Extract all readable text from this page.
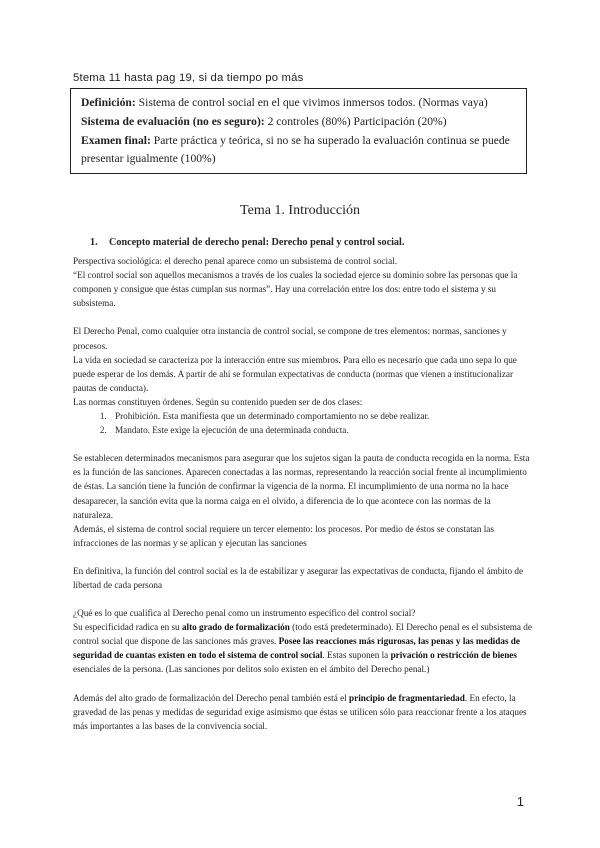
5tema 11 hasta pag 19, si da tiempo po más
Definición: Sistema de control social en el que vivimos inmersos todos. (Normas vaya)
Sistema de evaluación (no es seguro): 2 controles (80%) Participación (20%)
Examen final: Parte práctica y teórica, si no se ha superado la evaluación continua se puede presentar igualmente (100%)
Tema 1. Introducción

1. Concepto material de derecho penal: Derecho penal y control social.

Perspectiva sociológica: el derecho penal aparece como un subsistema de control social.

“El control social son aquellos mecanismos a través de los cuales la sociedad ejerce su dominio sobre las personas que la componen y consigue que éstas cumplan sus normas”. Hay una correlación entre los dos: entre todo el sistema y su subsistema.

El Derecho Penal, como cualquier otra instancia de control social, se compone de tres elementos: normas, sanciones y procesos.

La vida en sociedad se caracteriza por la interacción entre sus miembros. Para ello es necesario que cada uno sepa lo que puede esperar de los demás. A partir de ahí se formulan expectativas de conducta (normas que vienen a institucionalizar pautas de conducta).

Las normas constituyen órdenes. Según su contenido pueden ser de dos clases:

1. Prohibición. Esta manifiesta que un determinado comportamiento no se debe realizar.
2. Mandato. Este exige la ejecución de una determinada conducta.

Se establecen determinados mecanismos para asegurar que los sujetos sigan la pauta de conducta recogida en la norma. Esta es la función de las sanciones. Aparecen conectadas a las normas, representando la reacción social frente al incumplimiento de éstas. La sanción tiene la función de confirmar la vigencia de la norma. El incumplimiento de una norma no la hace desaparecer, la sanción evita que la norma caiga en el olvido, a diferencia de lo que acontece con las normas de la naturaleza.

Además, el sistema de control social requiere un tercer elemento: los procesos. Por medio de éstos se constatan las infracciones de las normas y se aplican y ejecutan las sanciones

En definitiva, la función del control social es la de estabilizar y asegurar las expectativas de conducta, fijando el ámbito de libertad de cada persona

¿Qué es lo que cualifica al Derecho penal como un instrumento específico del control social?

Su especificidad radica en su alto grado de formalización (todo está predeterminado). El Derecho penal es el subsistema de control social que dispone de las sanciones más graves. Posee las reacciones más rigurosas, las penas y las medidas de seguridad de cuantas existen en todo el sistema de control social. Estas suponen la privación o restricción de bienes esenciales de la persona. (Las sanciones por delitos solo existen en el ámbito del Derecho penal.)

Además del alto grado de formalización del Derecho penal también está el principio de fragmentariedad. En efecto, la gravedad de las penas y medidas de seguridad exige asimismo que éstas se utilicen sólo para reaccionar frente a los ataques más importantes a las bases de la convivencia social.

1
